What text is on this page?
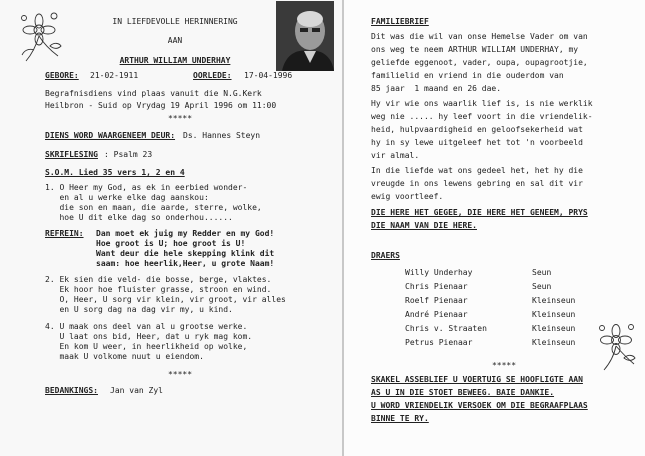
IN LIEFDEVOLLE HERINNERING
AAN
ARTHUR WILLIAM UNDERHAY
GEBORE: 21-02-1911	OORLEDE: 17-04-1996
Begrafnisdiens vind plaas vanuit die N.G.Kerk
Heilbron - Suid op Vrydag 19 April 1996 om 11:00
*****
DIENS WORD WAARGENEEM DEUR: Ds. Hannes Steyn
SKRIFLESING : Psalm 23
S.O.M. Lied 35 vers 1, 2 en 4
1. O Heer my God, as ek in eerbied wonder-
en al u werke elke dag aanskou:
die son en maan, die aarde, sterre, wolke,
hoe U dit elke dag so onderhou......
REFREIN: Dan moet ek juig my Redder en my God!
Hoe groot is U; hoe groot is U!
Want deur die hele skepping klink dit
saam: hoe heerlik,Heer, u grote Naam!
2. Ek sien die veld- die bosse, berge, vlaktes.
Ek hoor hoe fluister grasse, stroon en wind.
O, Heer, U sorg vir klein, vir groot, vir alles
en U sorg dag na dag vir my, u kind.
4. U maak ons deel van al u grootse werke.
U laat ons bid, Heer, dat u ryk mag kom.
En kom U weer, in heerlikheid op wolke,
maak U volkome nuut u eiendom.
*****
BEDANKINGS: Jan van Zyl
FAMILIEBRIEF
Dit was die wil van onse Hemelse Vader om van
ons weg te neem ARTHUR WILLIAM UNDERHAY, my
geliefde eggenoot, vader, oupa, oupagrootjie,
familielid en vriend in die ouderdom van
85 jaar  1 maand en 26 dae.
Hy vir wie ons waarlik lief is, is nie werklik
weg nie ..... hy leef voort in die vriendelik-
heid, hulpvaardigheid en geloofsekerheid wat
hy in sy lewe uitgeleef het tot 'n voorbeeld
vir almal.
In die liefde wat ons gedeel het, het hy die
vreugde in ons lewens gebring en sal dit vir
ewig voortleef.
DIE HERE HET GEGEE, DIE HERE HET GENEEM, PRYS
DIE NAAM VAN DIE HERE.
DRAERS
Willy Underhay	Seun
Chris Pienaar	Seun
Roelf Pienaar	Kleinseun
André Pienaar	Kleinseun
Chris v. Straaten	Kleinseun
Petrus Pienaar	Kleinseun
*****
SKAKEL ASSEBLIEF U VOERTUIG SE HOOFLIGTE AAN
AS U IN DIE STOET BEWEEG. BAIE DANKIE.
U WORD VRIENDELIK VERSOEK OM DIE BEGRAAFPLAAS
BINNE TE RY.
